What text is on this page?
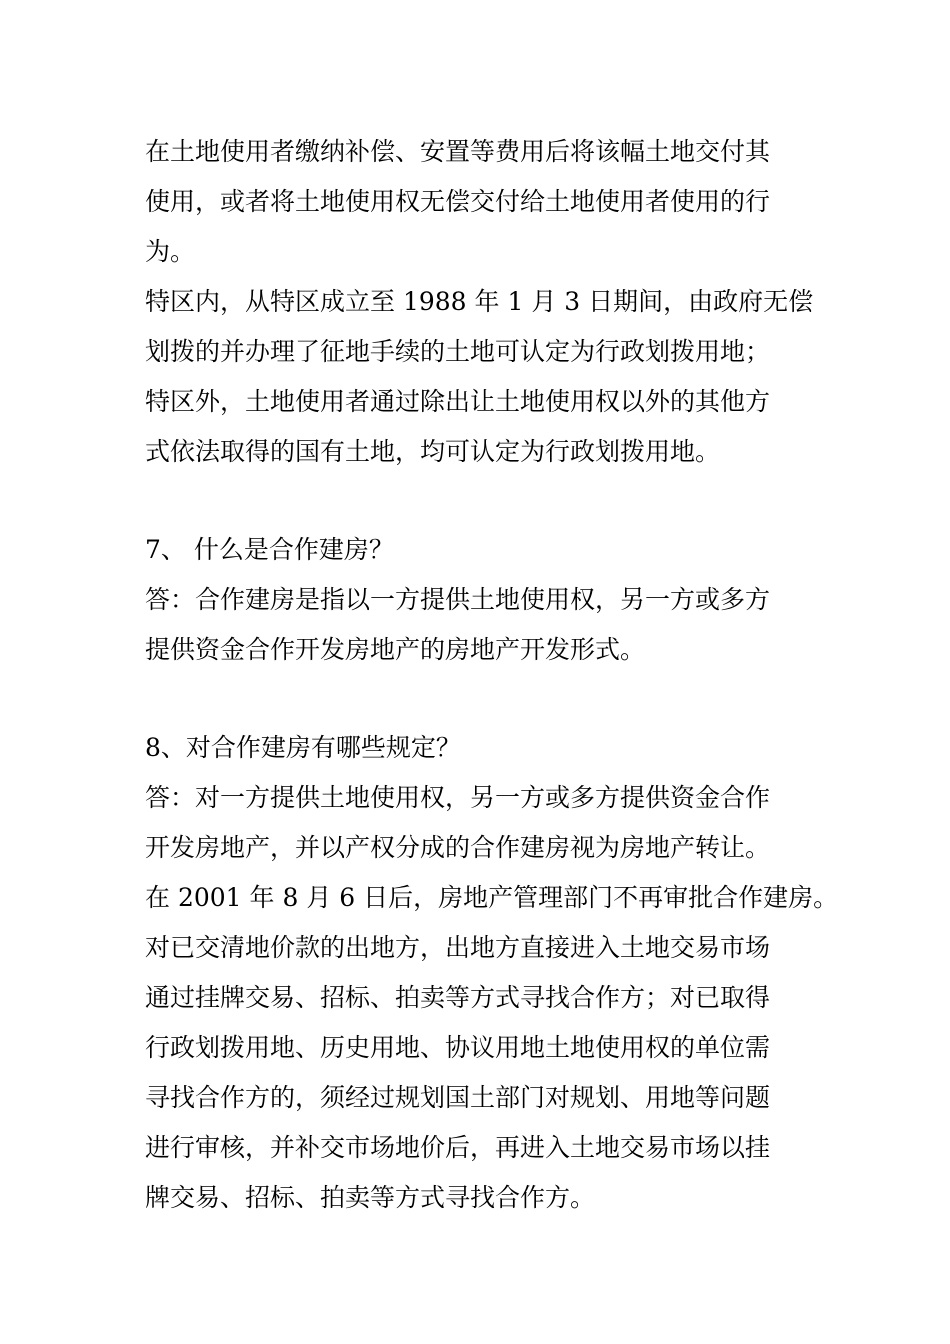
在土地使用者缴纳补偿、安置等费用后将该幅土地交付其
使用，或者将土地使用权无偿交付给土地使用者使用的行
为。
特区内，从特区成立至 1988 年 1 月 3 日期间，由政府无偿
划拨的并办理了征地手续的土地可认定为行政划拨用地；
特区外，土地使用者通过除出让土地使用权以外的其他方
式依法取得的国有土地，均可认定为行政划拨用地。
7、 什么是合作建房？
答：合作建房是指以一方提供土地使用权，另一方或多方
提供资金合作开发房地产的房地产开发形式。
8、对合作建房有哪些规定？
答：对一方提供土地使用权，另一方或多方提供资金合作
开发房地产，并以产权分成的合作建房视为房地产转让。
在 2001 年 8 月 6 日后，房地产管理部门不再审批合作建房。
对已交清地价款的出地方，出地方直接进入土地交易市场
通过挂牌交易、招标、拍卖等方式寻找合作方；对已取得
行政划拨用地、历史用地、协议用地土地使用权的单位需
寻找合作方的，须经过规划国土部门对规划、用地等问题
进行审核，并补交市场地价后，再进入土地交易市场以挂
牌交易、招标、拍卖等方式寻找合作方。
